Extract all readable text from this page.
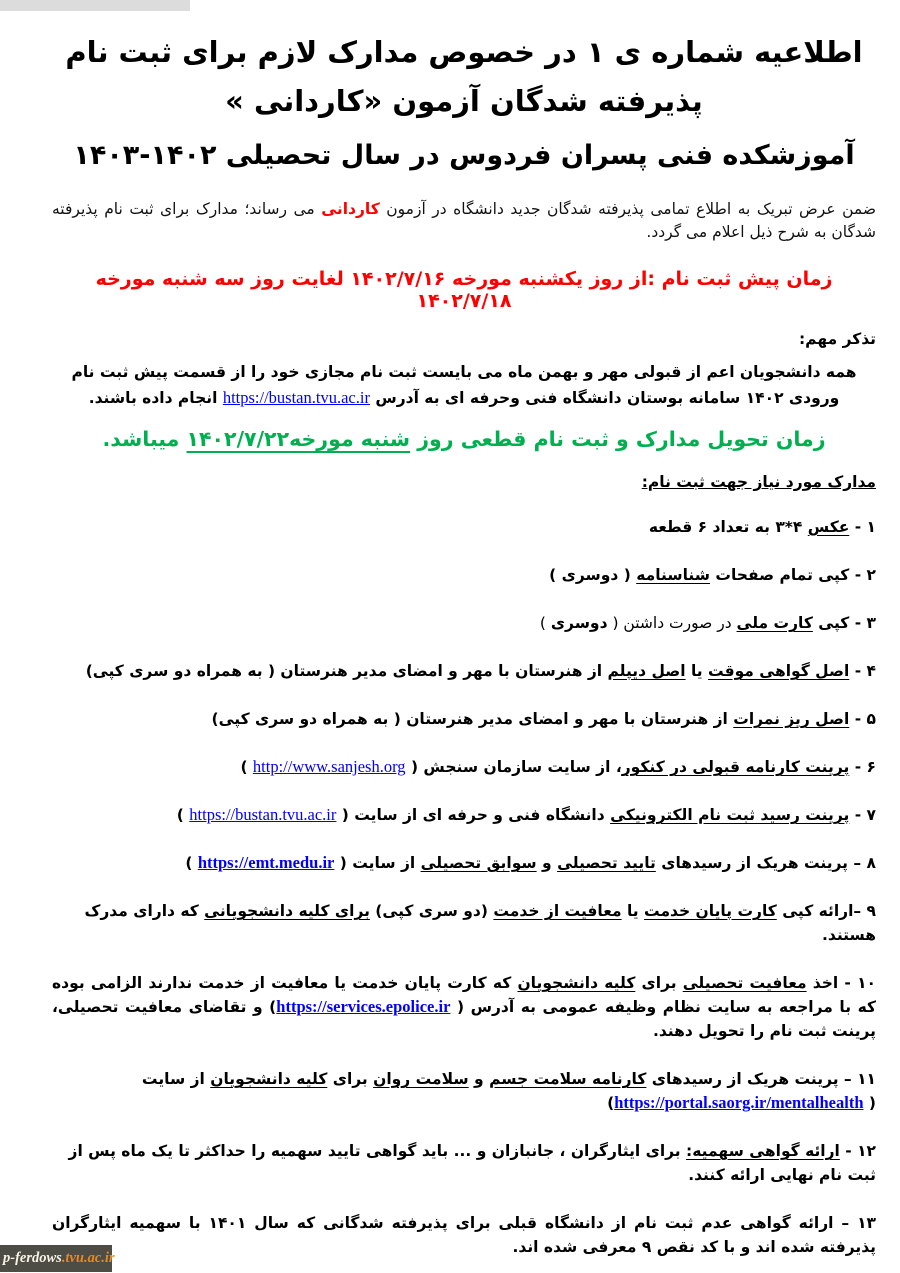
اطلاعیه شماره ی ۱ در خصوص مدارک لازم برای ثبت نام

پذیرفته شدگان آزمون «کاردانی »

آموزشکده فنی پسران فردوس در سال تحصیلی ۱۴۰۲-۱۴۰۳

ضمن عرض تبریک به اطلاع تمامی پذیرفته شدگان جدید دانشگاه در آزمون کاردانی می رساند؛ مدارک برای ثبت نام پذیرفته شدگان به شرح ذیل اعلام می گردد.

زمان پیش ثبت نام :از روز یکشنبه مورخه ۱۴۰۲/۷/۱۶ لغایت روز سه شنبه مورخه ۱۴۰۲/۷/۱۸

تذکر مهم:

همه دانشجویان اعم از قبولی مهر و بهمن ماه می بایست ثبت نام مجازی خود را از قسمت پیش ثبت نام ورودی ۱۴۰۲ سامانه بوستان دانشگاه فنی وحرفه ای به آدرس https://bustan.tvu.ac.ir انجام داده باشند.

زمان تحویل مدارک و ثبت نام قطعی روز شنبه مورخه۱۴۰۲/۷/۲۲ میباشد.

مدارک مورد نیاز جهت ثبت نام:

۱ - عکس ۳*۴ به تعداد ۶ قطعه

۲ - کپی تمام صفحات شناسنامه ( دوسری )

۳ - کپی کارت ملی در صورت داشتن ( دوسری )

۴ - اصل گواهی موقت یا اصل دیپلم از هنرستان با مهر و امضای مدیر هنرستان ( به همراه دو سری کپی)

۵ - اصل ریز نمرات از هنرستان با مهر و امضای مدیر هنرستان ( به همراه دو سری کپی)

۶ - پرینت کارنامه قبولی در کنکور، از سایت سازمان سنجش ( http://www.sanjesh.org )

۷ - پرینت رسید ثبت نام الکترونیکی دانشگاه فنی و حرفه ای از سایت ( https://bustan.tvu.ac.ir )

۸ – پرینت هریک از رسیدهای تایید تحصیلی و سوابق تحصیلی از سایت ( https://emt.medu.ir )

۹ –ارائه کپی کارت پایان خدمت یا معافیت از خدمت (دو سری کپی) برای کلیه دانشجویانی که دارای مدرک هستند.

۱۰ - اخذ معافیت تحصیلی برای کلیه دانشجویان که کارت پایان خدمت یا معافیت از خدمت ندارند الزامی بوده که با مراجعه به سایت نظام وظیفه عمومی به آدرس ( https://services.epolice.ir) و تقاضای معافیت تحصیلی، پرینت ثبت نام را تحویل دهند.

۱۱ – پرینت هریک از رسیدهای کارنامه سلامت جسم و سلامت روان برای کلیه دانشجویان از سایت
( https://portal.saorg.ir/mentalhealth)

۱۲ - ارائه گواهی سهمیه: برای ایثارگران ، جانبازان و ... باید گواهی تایید سهمیه را حداکثر تا یک ماه پس از ثبت نام نهایی ارائه کنند.

۱۳ – ارائه گواهی عدم ثبت نام از دانشگاه قبلی برای پذیرفته شدگانی که سال ۱۴۰۱ با سهمیه ایثارگران پذیرفته شده اند و با کد نقص ۹ معرفی شده اند.

p-ferdows .tvu.ac.ir
